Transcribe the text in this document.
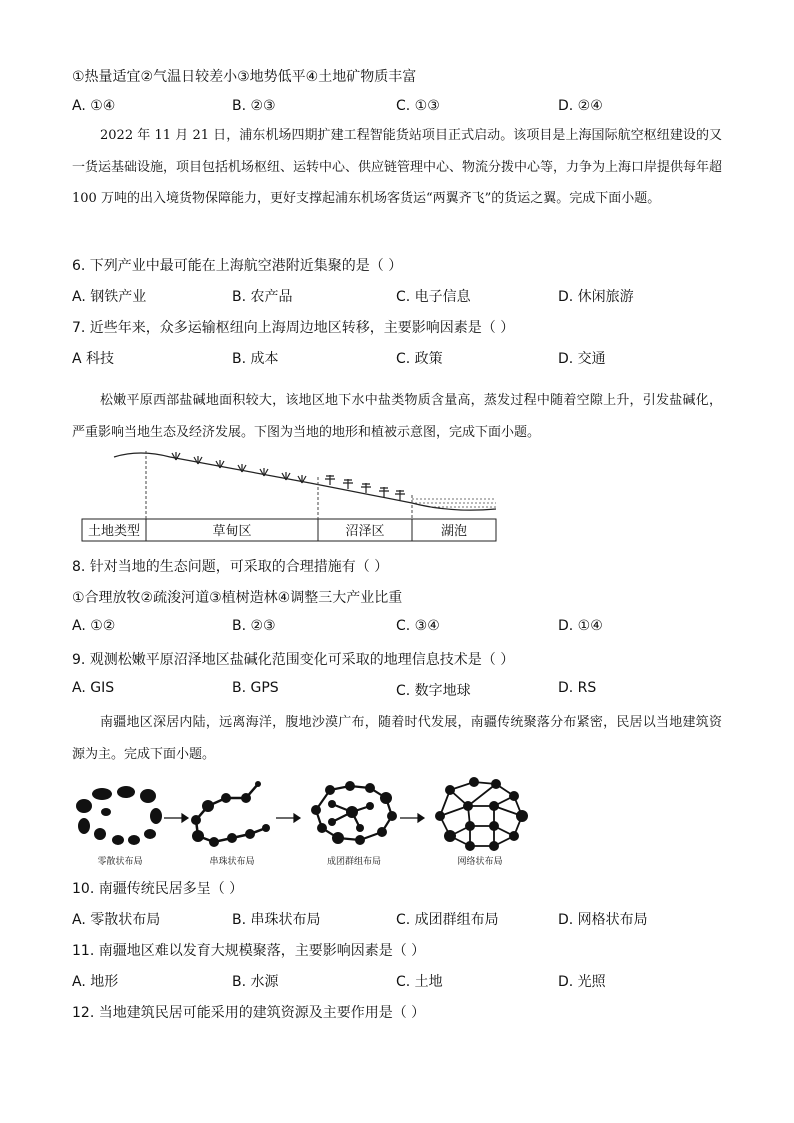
①热量适宜②气温日较差小③地势低平④土地矿物质丰富
A. ①④	B. ②③	C. ①③	D. ②④
2022 年 11 月 21 日，浦东机场四期扩建工程智能货站项目正式启动。该项目是上海国际航空枢纽建设的又一货运基础设施，项目包括机场枢纽、运转中心、供应链管理中心、物流分拨中心等，力争为上海口岸提供每年超 100 万吨的出入境货物保障能力，更好支撑起浦东机场客货运“两翼齐飞”的货运之翼。完成下面小题。
6. 下列产业中最可能在上海航空港附近集聚的是（ ）
A. 钢铁产业	B. 农产品	C. 电子信息	D. 休闲旅游
7. 近些年来，众多运输枢纽向上海周边地区转移，主要影响因素是（ ）
A 科技	B. 成本	C. 政策	D. 交通
松嫩平原西部盐碱地面积较大，该地区地下水中盐类物质含量高，蒸发过程中随着空隙上升，引发盐碱化，严重影响当地生态及经济发展。下图为当地的地形和植被示意图，完成下面小题。
土地类型	草甸区	沼泽区	湖泡
8. 针对当地的生态问题，可采取的合理措施有（ ）
①合理放牧②疏浚河道③植树造林④调整三大产业比重
A. ①②	B. ②③	C. ③④	D. ①④
9. 观测松嫩平原沼泽地区盐碱化范围变化可采取的地理信息技术是（ ）
A. GIS	B. GPS	C. 数字地球	D. RS
南疆地区深居内陆，远离海洋，腹地沙漠广布，随着时代发展，南疆传统聚落分布紧密，民居以当地建筑资源为主。完成下面小题。
零散状布局	串珠状布局	成团群组布局	网络状布局
10. 南疆传统民居多呈（ ）
A. 零散状布局	B. 串珠状布局	C. 成团群组布局	D. 网格状布局
11. 南疆地区难以发育大规模聚落，主要影响因素是（ ）
A. 地形	B. 水源	C. 土地	D. 光照
12. 当地建筑民居可能采用的建筑资源及主要作用是（ ）
